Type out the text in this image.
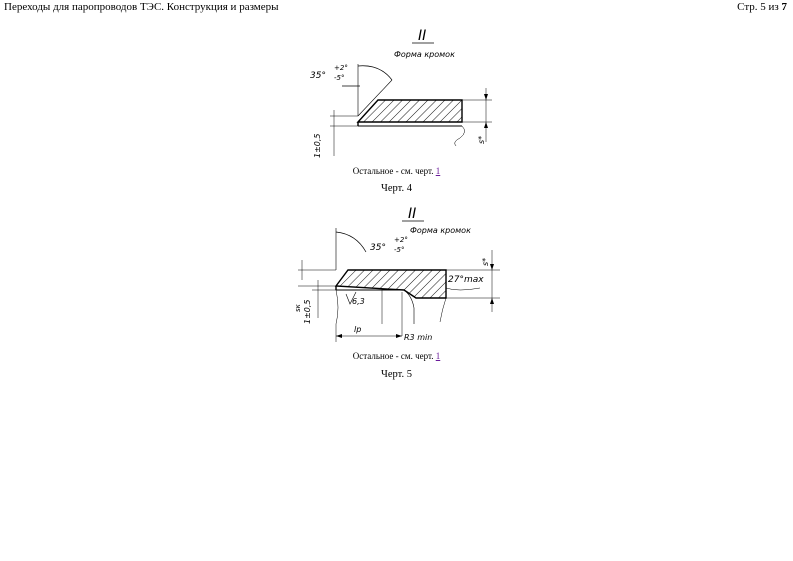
Переходы для паропроводов ТЭС. Конструкция и размеры	Стр. 5 из 7
II
Форма кромок
35°
+2°
-5°
1±0,5	s*
Остальное - см. черт. 1
Черт. 4
II
Форма кромок
35°
+2°
-5°
s*
27°max
sк 1±0,5	6,3
R3 min
lp
Остальное - см. черт. 1
Черт. 5
